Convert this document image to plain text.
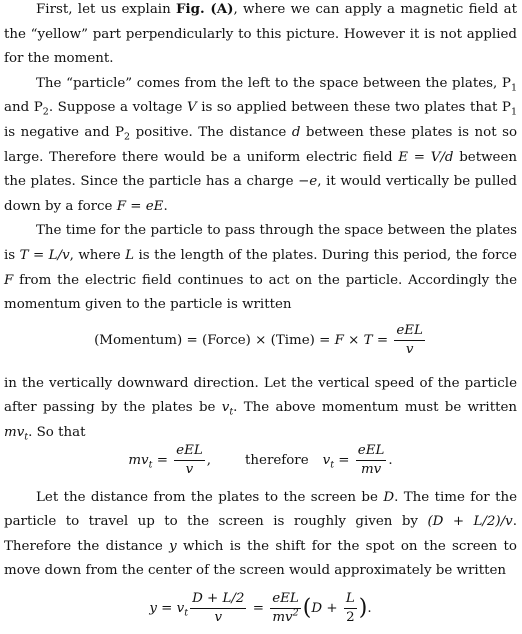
First, let us explain Fig. (A), where we can apply a magnetic field at the “yellow” part perpendicularly to this picture. However it is not applied for the moment.

The “particle” comes from the left to the space between the plates, $P_1$ and $P_2$. Suppose a voltage V is so applied between these two plates that $P_1$ is negative and $P_2$ positive. The distance d between these plates is not so large. Therefore there would be a uniform electric field E = V/d between the plates. Since the particle has a charge −e, it would vertically be pulled down by a force F = eE.

The time for the particle to pass through the space between the plates is T = L/v, where L is the length of the plates. During this period, the force F from the electric field continues to act on the particle. Accordingly the momentum given to the particle is written

(Momentum) = (Force) × (Time) = $F \times T = \frac{\text{eEL}}{v}$

in the vertically downward direction. Let the vertical speed of the particle after passing by the plates be $v_t$. The above momentum must be written $mv_t$. So that

$mv_t = \frac{\text{eEL}}{v}$ ,	therefore $v_t = \frac{\text{eEL}}{mv}$ .

Let the distance from the plates to the screen be D. The time for the particle to travel up to the screen is roughly given by (D + L/2)/v. Therefore the distance y which is the shift for the spot on the screen to move down from the center of the screen would approximately be written

$y = v_t \frac{D + L/2}{v} = \frac{\text{eEL}}{mv^2} (D + \frac{L}{2}$ ).
